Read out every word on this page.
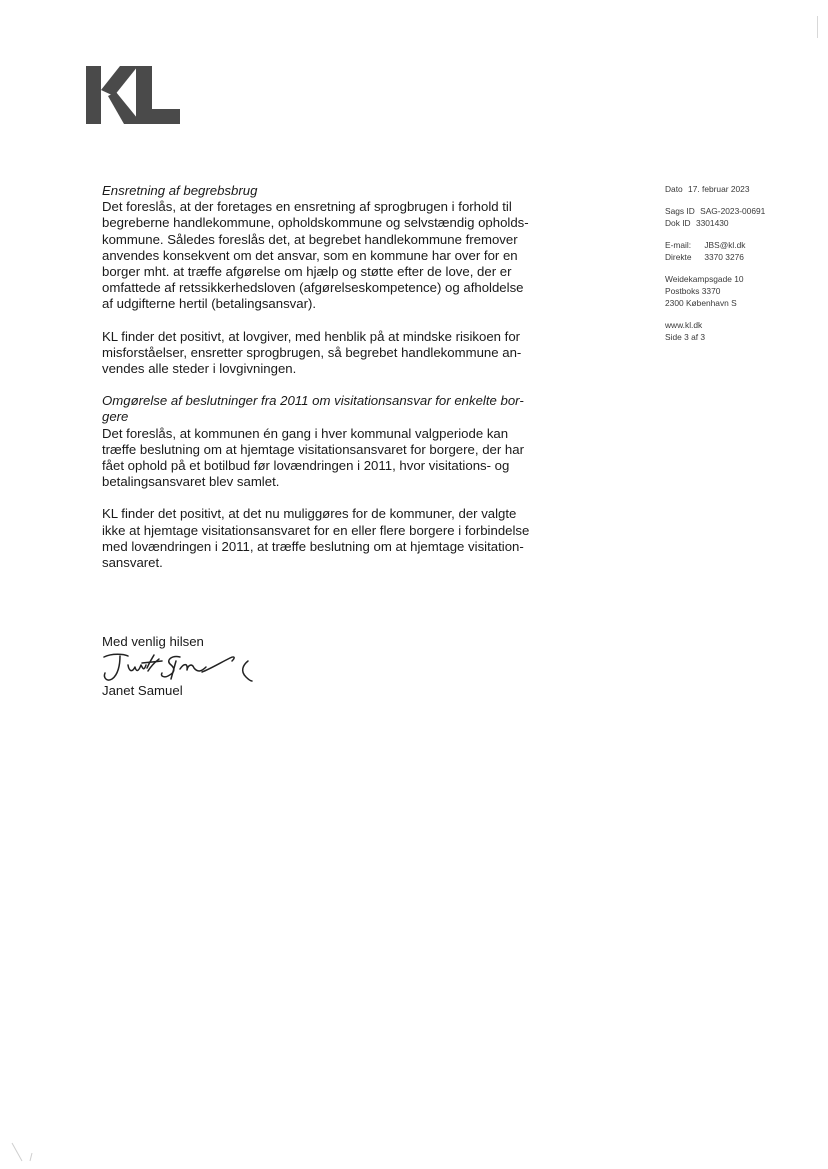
Dato 17. februar 2023
Sags ID SAG-2023-00691
Dok ID 3301430
E-mail: JBS@kl.dk
Direkte 3370 3276
Weidekampsgade 10
Postboks 3370
2300 København S
www.kl.dk
Side 3 af 3

Ensretning af begrebsbrug
Det foreslås, at der foretages en ensretning af sprogbrugen i forhold til
begreberne handlekommune, opholdskommune og selvstændig opholds-
kommune. Således foreslås det, at begrebet handlekommune fremover
anvendes konsekvent om det ansvar, som en kommune har over for en
borger mht. at træffe afgørelse om hjælp og støtte efter de love, der er
omfattede af retssikkerhedsloven (afgørelseskompetence) og afholdelse
af udgifterne hertil (betalingsansvar).

KL finder det positivt, at lovgiver, med henblik på at mindske risikoen for
misforståelser, ensretter sprogbrugen, så begrebet handlekommune an-
vendes alle steder i lovgivningen.

Omgørelse af beslutninger fra 2011 om visitationsansvar for enkelte bor-
gere
Det foreslås, at kommunen én gang i hver kommunal valgperiode kan
træffe beslutning om at hjemtage visitationsansvaret for borgere, der har
fået ophold på et botilbud før lovændringen i 2011, hvor visitations- og
betalingsansvaret blev samlet.

KL finder det positivt, at det nu muliggøres for de kommuner, der valgte
ikke at hjemtage visitationsansvaret for en eller flere borgere i forbindelse
med lovændringen i 2011, at træffe beslutning om at hjemtage visitation-
sansvaret.

Med venlig hilsen
Janet Samuel
